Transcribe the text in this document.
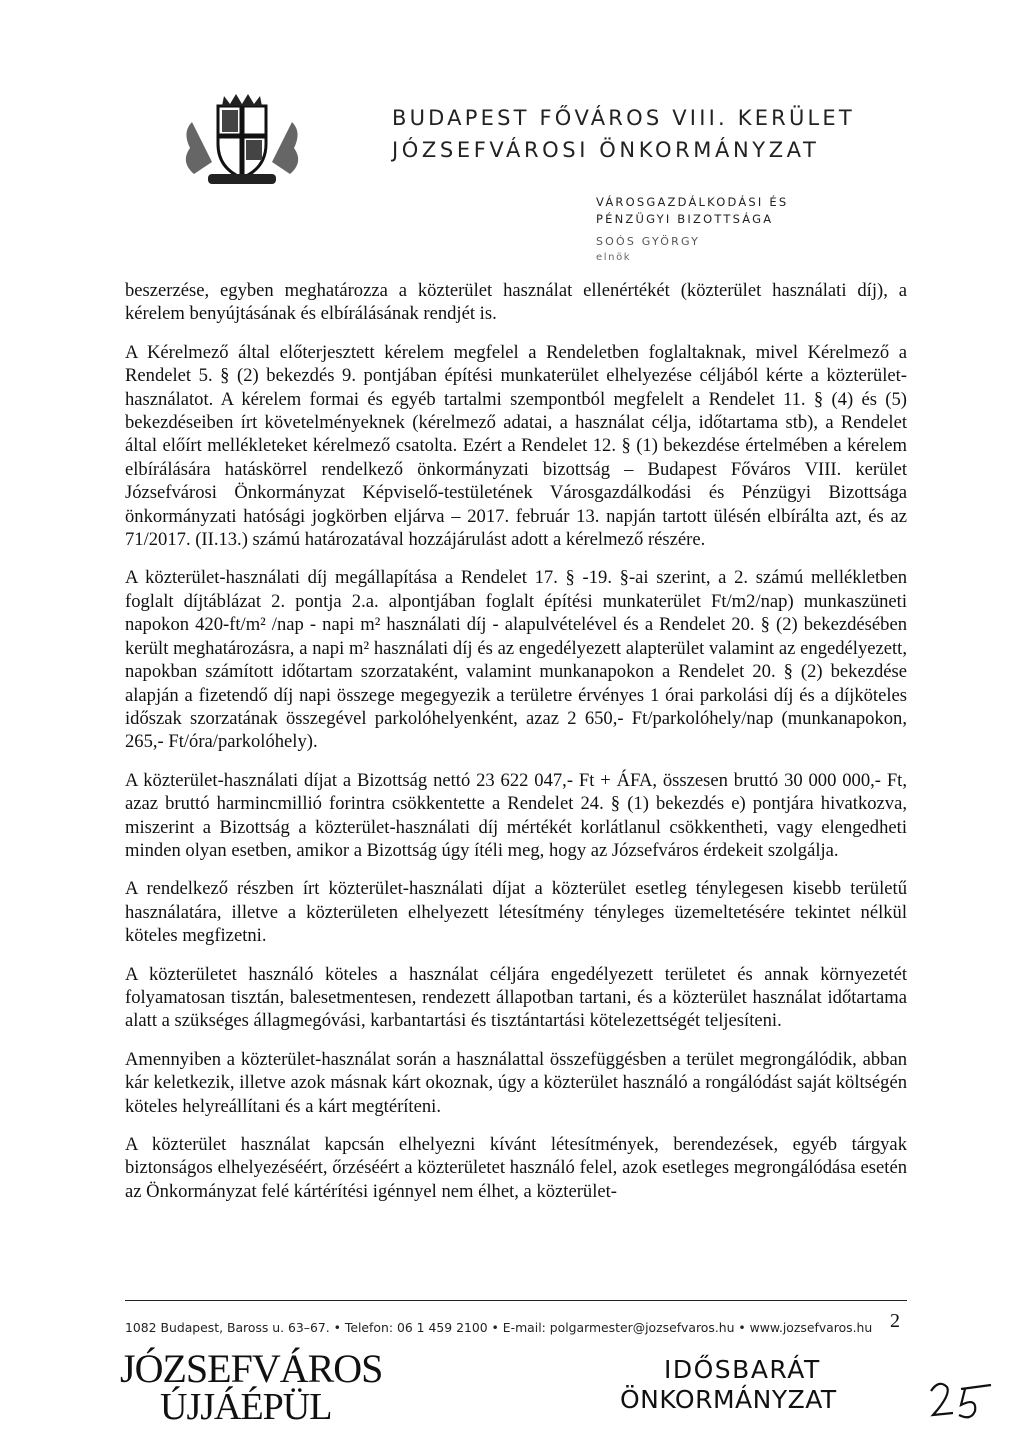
BUDAPEST FŐVÁROS VIII. KERÜLET
JÓZSEFVÁROSI ÖNKORMÁNYZAT
VÁROSGAZDÁLKODÁSI ÉS
PÉNZÜGYI BIZOTTSÁGA
SOÓS GYÖRGY
elnök

beszerzése, egyben meghatározza a közterület használat ellenértékét (közterület használati díj), a kérelem benyújtásának és elbírálásának rendjét is.

A Kérelmező által előterjesztett kérelem megfelel a Rendeletben foglaltaknak, mivel Kérelmező a Rendelet 5. § (2) bekezdés 9. pontjában építési munkaterület elhelyezése céljából kérte a közterület-használatot. A kérelem formai és egyéb tartalmi szempontból megfelelt a Rendelet 11. § (4) és (5) bekezdéseiben írt követelményeknek (kérelmező adatai, a használat célja, időtartama stb), a Rendelet által előírt mellékleteket kérelmező csatolta. Ezért a Rendelet 12. § (1) bekezdése értelmében a kérelem elbírálására hatáskörrel rendelkező önkormányzati bizottság – Budapest Főváros VIII. kerület Józsefvárosi Önkormányzat Képviselő-testületének Városgazdálkodási és Pénzügyi Bizottsága önkormányzati hatósági jogkörben eljárva – 2017. február 13. napján tartott ülésén elbírálta azt, és az 71/2017. (II.13.) számú határozatával hozzájárulást adott a kérelmező részére.

A közterület-használati díj megállapítása a Rendelet 17. § -19. §-ai szerint, a 2. számú mellékletben foglalt díjtáblázat 2. pontja 2.a. alpontjában foglalt építési munkaterület Ft/m2/nap) munkaszüneti napokon 420-ft/m² /nap - napi m² használati díj - alapulvételével és a Rendelet 20. § (2) bekezdésében került meghatározásra, a napi m² használati díj és az engedélyezett alapterület valamint az engedélyezett, napokban számított időtartam szorzataként, valamint munkanapokon a Rendelet 20. § (2) bekezdése alapján a fizetendő díj napi összege megegyezik a területre érvényes 1 órai parkolási díj és a díjköteles időszak szorzatának összegével parkolóhelyenként, azaz 2 650,- Ft/parkolóhely/nap (munkanapokon, 265,- Ft/óra/parkolóhely).

A közterület-használati díjat a Bizottság nettó 23 622 047,- Ft + ÁFA, összesen bruttó 30 000 000,- Ft, azaz bruttó harmincmillió forintra csökkentette a Rendelet 24. § (1) bekezdés e) pontjára hivatkozva, miszerint a Bizottság a közterület-használati díj mértékét korlátlanul csökkentheti, vagy elengedheti minden olyan esetben, amikor a Bizottság úgy ítéli meg, hogy az Józsefváros érdekeit szolgálja.

A rendelkező részben írt közterület-használati díjat a közterület esetleg ténylegesen kisebb területű használatára, illetve a közterületen elhelyezett létesítmény tényleges üzemeltetésére tekintet nélkül köteles megfizetni.

A közterületet használó köteles a használat céljára engedélyezett területet és annak környezetét folyamatosan tisztán, balesetmentesen, rendezett állapotban tartani, és a közterület használat időtartama alatt a szükséges állagmegóvási, karbantartási és tisztántartási kötelezettségét teljesíteni.

Amennyiben a közterület-használat során a használattal összefüggésben a terület megrongálódik, abban kár keletkezik, illetve azok másnak kárt okoznak, úgy a közterület használó a rongálódást saját költségén köteles helyreállítani és a kárt megtéríteni.

A közterület használat kapcsán elhelyezni kívánt létesítmények, berendezések, egyéb tárgyak biztonságos elhelyezéséért, őrzéséért a közterületet használó felel, azok esetleges megrongálódása esetén az Önkormányzat felé kártérítési igénnyel nem élhet, a közterület-

1082 Budapest, Baross u. 63–67. • Telefon: 06 1 459 2100 • E-mail: polgarmester@jozsefvaros.hu • www.jozsefvaros.hu 2
JÓZSEFVÁROS
ÚJJÁÉPÜL
IDŐSBARÁT
ÖNKORMÁNYZAT
